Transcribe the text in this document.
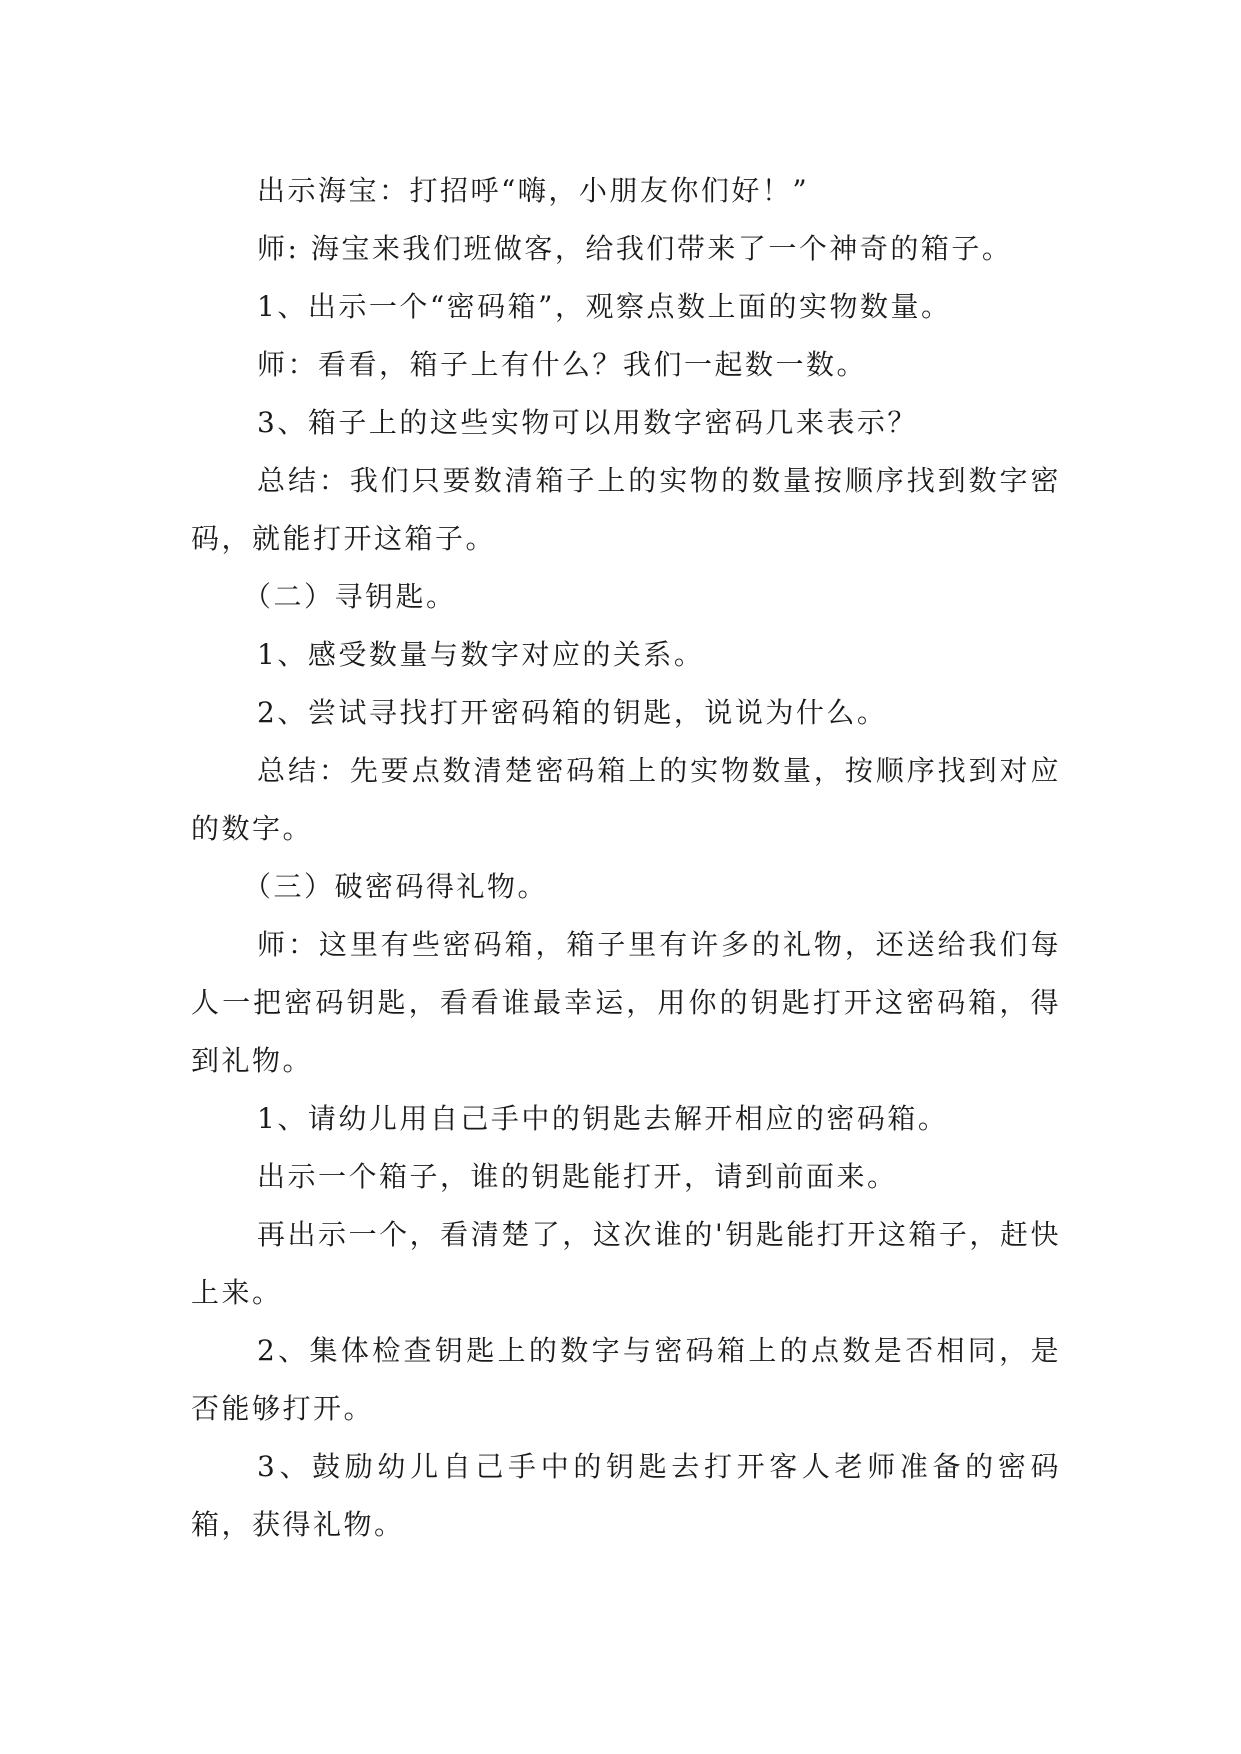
出示海宝：打招呼“嗨，小朋友你们好！”

师: 海宝来我们班做客，给我们带来了一个神奇的箱子。

1、出示一个“密码箱”，观察点数上面的实物数量。

师：看看，箱子上有什么？我们一起数一数。

3、箱子上的这些实物可以用数字密码几来表示？

总结：我们只要数清箱子上的实物的数量按顺序找到数字密码，就能打开这箱子。

（二）寻钥匙。

1、感受数量与数字对应的关系。

2、尝试寻找打开密码箱的钥匙，说说为什么。

总结：先要点数清楚密码箱上的实物数量，按顺序找到对应的数字。

（三）破密码得礼物。

师：这里有些密码箱，箱子里有许多的礼物，还送给我们每人一把密码钥匙，看看谁最幸运，用你的钥匙打开这密码箱，得到礼物。

1、请幼儿用自己手中的钥匙去解开相应的密码箱。

出示一个箱子，谁的钥匙能打开，请到前面来。

再出示一个，看清楚了，这次谁的'钥匙能打开这箱子，赶快上来。

2、集体检查钥匙上的数字与密码箱上的点数是否相同，是否能够打开。

3、鼓励幼儿自己手中的钥匙去打开客人老师准备的密码箱，获得礼物。
